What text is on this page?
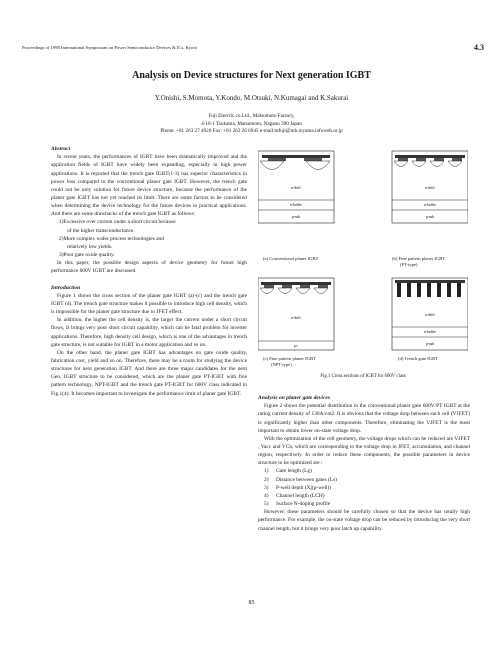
Proceedings of 1998 International Symposium on Power Semiconductor Devices & ICs, Kyoto	4.3
Analysis on Device structures for Next generation IGBT
Y.Onishi, S.Momota, Y.Kondo, M.Otsuki, N.Kumagai and K.Sakurai
Fuji Electric.co.Ltd., Matsumoto Factory,
4-18-1 Tsukama, Matsumoto, Nagano 390 Japan
Phone: +81 263 27 4926 Fax: +81 263 26 6945 e-mail:mfuji@mb.toyama.infoweb.or.jp
Abstract

In recent years, the performances of IGBT have been dramatically improved and the application fields of IGBT have widely been expanding, especially in high power applications. It is reported that the trench gate IGBT(1-3) has superior characteristics in power loss compared to the conventional planer gate IGBT. However, the trench gate could not be only solution for future device structure, because the performance of the planer gate IGBT has not yet reached its limit. There are some factors to be considered when determining the device technology for the future devices in practical applications. And there are some drawbacks of the trench gate IGBT as follows:

1)Excessive over current under a short circuit because
of the higher transconductance.
2)More complex wafer process technologies and
relatively low yields.
3)Poor gate oxide quality.

In this paper, the possible design aspects of device geometry for future high performance 600V IGBT are discussed.

Introduction

Figure 1 shows the cross section of the planer gate IGBT (a)-(c) and the trench gate IGBT (d). The trench gate structure makes it possible to introduce high cell density, which is impossible for the planer gate structure due to JFET effect.

In addition, the higher the cell density is, the larger the current under a short circuit flows, It brings very poor short circuit capability, which can be fatal problem for inverter applications. Therefore, high density cell design, which is one of the advantages in trench gate structure, is not suitable for IGBT in a motor application and so on.

On the other hand, the planer gate IGBT has advantages on gate oxide quality, fabrication cost, yield and so on. Therefore, there may be a room for studying the device structures for next generation IGBT. And there are three major candidates for the next Gen. IGBT structure to be considered, which are the planer gate PT-IGBT with fine pattern technology, NPT-IGBT and the trench gate PT-IGBT for 600V class indicated in Fig.1(4). It becomes important to investigate the performance limit of planer gate IGBT.

n-drift
n-buffer
p-sub
n-drift
n-buffer
p-sub
(a) Conventional planer IGBT	(b) Fine pattern planer IGBT
(PT-type)
n-drift
p+
n-drift
n-buffer
p-sub
(c) Fine pattern planer IGBT
(NPT-type)
(d) Trench gate IGBT
Fig.1 Cross sections of IGBT for 600V class
Analysis on planer gate devices

Figure 2 shows the potential distribution in the conventional planer gate 600V/PT IGBT at the rating current density of 130A/cm2. It is obvious that the voltage drop between each cell (VJFET) is significantly higher than other components. Therefore, eliminating the VJFET is the most important to obtain lower on-state voltage drop.

With the optimization of the cell geometry, the voltage drops which can be reduced are VJFET , Vacc and VCh, which are corresponding to the voltage drop in JFET, accumulation, and channel region, respectively. In order to reduce these components, the possible parameters in device structure to be optimized are :

1)	Gate length (Lg)
2)	Distance between gates (Ls)
3)	P-well depth (Xj(p-well))
4)	Channel length (LCH)
5)	Surface N-doping profile

However, these parameters should be carefully chosen so that the device has totally high performance. For example, the on-state voltage drop can be reduced by introducing the very short channel length, but it brings very poor latch up capability.

85
